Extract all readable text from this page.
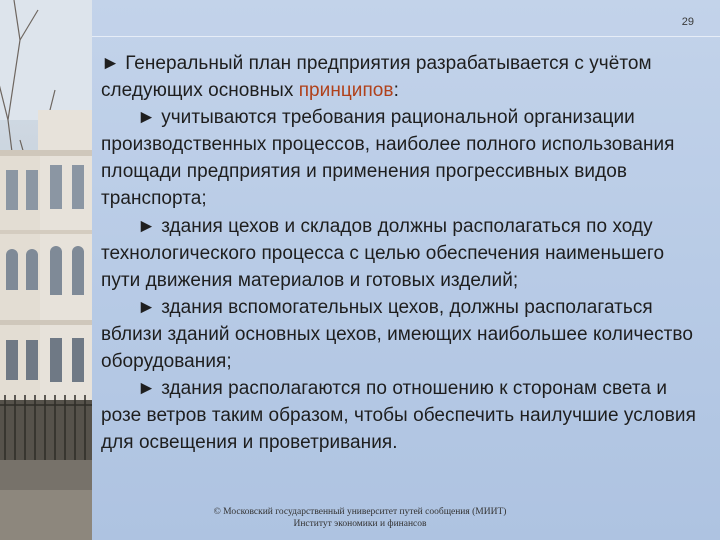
29

► Генеральный план предприятия разрабатывается с учётом следующих основных принципов:

► учитываются требования рациональной организации производственных процессов, наиболее полного использования площади предприятия и применения прогрессивных видов транспорта;

► здания цехов и складов должны располагаться по ходу технологического процесса с целью обеспечения наименьшего пути движения материалов и готовых изделий;

► здания вспомогательных цехов, должны располагаться вблизи зданий основных цехов, имеющих наибольшее количество оборудования;

► здания располагаются по отношению к сторонам света и розе ветров таким образом, чтобы обеспечить наилучшие условия для освещения и проветривания.

© Московский государственный университет путей сообщения (МИИТ)
Институт экономики и финансов
